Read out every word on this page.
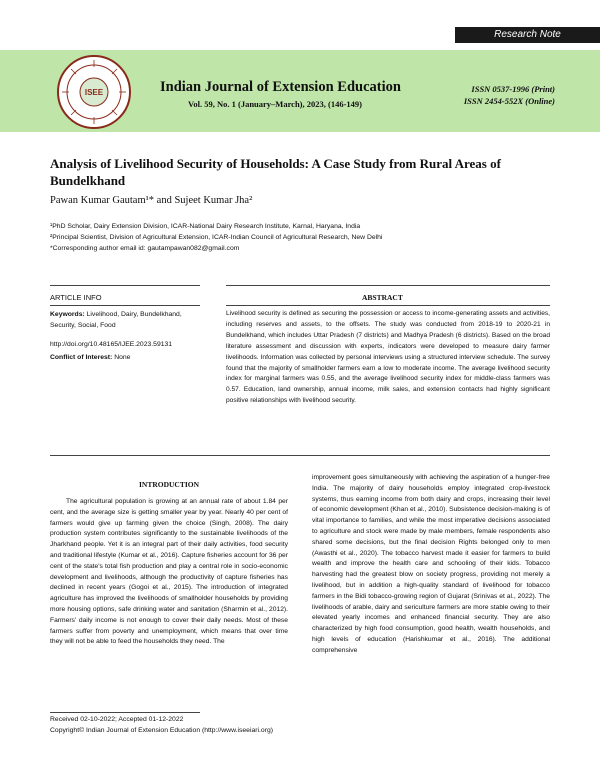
Research Note
ISEE	Indian Journal of Extension Education
Vol. 59, No. 1 (January–March), 2023, (146-149)
ISSN 0537-1996 (Print)
ISSN 2454-552X (Online)
Analysis of Livelihood Security of Households: A Case Study from Rural Areas of Bundelkhand
Pawan Kumar Gautam¹* and Sujeet Kumar Jha²
¹PhD Scholar, Dairy Extension Division, ICAR-National Dairy Research Institute, Karnal, Haryana, India
²Principal Scientist, Division of Agricultural Extension, ICAR-Indian Council of Agricultural Research, New Delhi
*Corresponding author email id: gautampawan082@gmail.com
ARTICLE INFO	ABSTRACT
Keywords: Livelihood, Dairy, Bundelkhand, Security, Social, Food
http://doi.org/10.48165/IJEE.2023.59131
Conflict of Interest: None
Livelihood security is defined as securing the possession or access to income-generating assets and activities, including reserves and assets, to the offsets. The study was conducted from 2018-19 to 2020-21 in Bundelkhand, which includes Uttar Pradesh (7 districts) and Madhya Pradesh (6 districts). Based on the broad literature assessment and discussion with experts, indicators were developed to measure dairy farmer livelihoods. Information was collected by personal interviews using a structured interview schedule. The survey found that the majority of smallholder farmers earn a low to moderate income. The average livelihood security index for marginal farmers was 0.55, and the average livelihood security index for middle-class farmers was 0.57. Education, land ownership, annual income, milk sales, and extension contacts had highly significant positive relationships with livelihood security.
INTRODUCTION
The agricultural population is growing at an annual rate of about 1.84 per cent, and the average size is getting smaller year by year. Nearly 40 per cent of farmers would give up farming given the choice (Singh, 2008). The dairy production system contributes significantly to the sustainable livelihoods of the Jharkhand people. Yet it is an integral part of their daily activities, food security and traditional lifestyle (Kumar et al., 2016). Capture fisheries account for 36 per cent of the state's total fish production and play a central role in socio-economic development and livelihoods, although the productivity of capture fisheries has declined in recent years (Gogoi et al., 2015). The introduction of integrated agriculture has improved the livelihoods of smallholder households by providing more housing options, safe drinking water and sanitation (Sharmin et al., 2012). Farmers' daily income is not enough to cover their daily needs. Most of these farmers suffer from poverty and unemployment, which means that over time they will not be able to feed the households they need. The
improvement goes simultaneously with achieving the aspiration of a hunger-free India. The majority of dairy households employ integrated crop-livestock systems, thus earning income from both dairy and crops, increasing their level of economic development (Khan et al., 2010). Subsistence decision-making is of vital importance to families, and while the most imperative decisions associated to agriculture and stock were made by male members, female respondents also shared some decisions, but the final decision Rights belonged only to men (Awasthi et al., 2020). The tobacco harvest made it easier for farmers to build wealth and improve the health care and schooling of their kids. Tobacco harvesting had the greatest blow on society progress, providing not merely a livelihood, but in addition a high-quality standard of livelihood for tobacco farmers in the Bidi tobacco-growing region of Gujarat (Srinivas et al., 2022). The livelihoods of arable, dairy and sericulture farmers are more stable owing to their elevated yearly incomes and enhanced financial security. They are also characterized by high food consumption, good health, wealth households, and high levels of education (Harishkumar et al., 2016). The additional comprehensive
Received 02-10-2022; Accepted 01-12-2022
Copyright© Indian Journal of Extension Education (http://www.iseeiari.org)
